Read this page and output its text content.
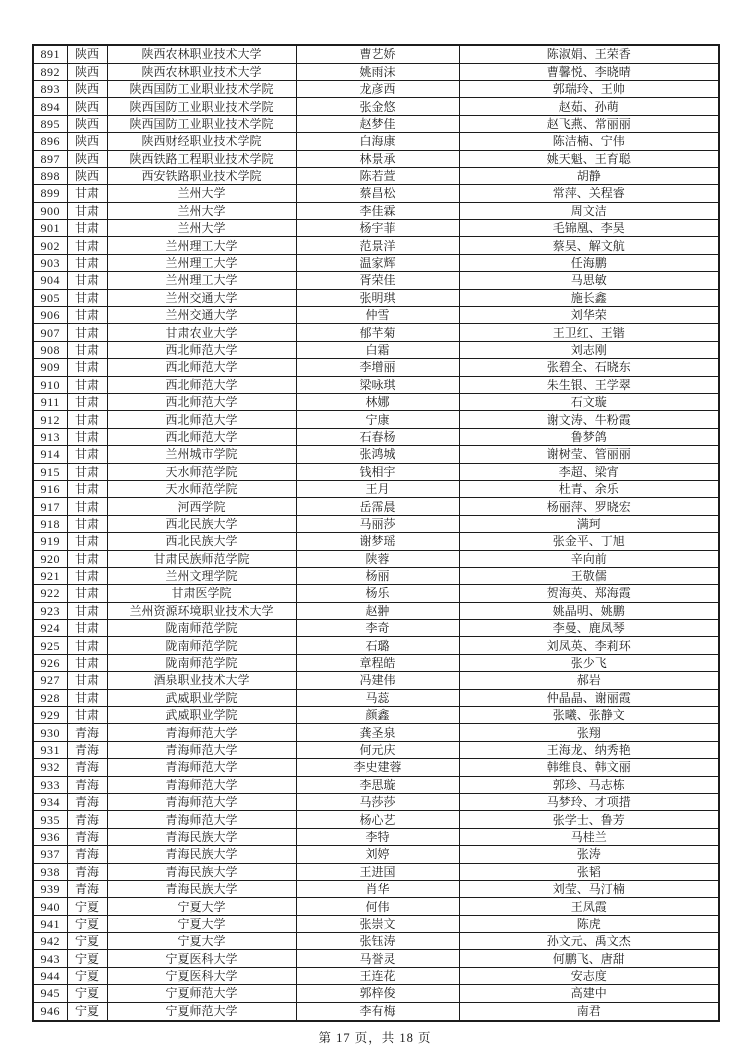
891	陕西	陕西农林职业技术大学	曹艺娇	陈淑娟、王荣香
892	陕西	陕西农林职业技术大学	姚雨沫	曹馨悦、李晓晴
893	陕西	陕西国防工业职业技术学院	龙彦西	郭瑞玲、王帅
894	陕西	陕西国防工业职业技术学院	张金悠	赵茹、孙萌
895	陕西	陕西国防工业职业技术学院	赵梦佳	赵飞燕、常丽丽
896	陕西	陕西财经职业技术学院	白海康	陈洁楠、宁伟
897	陕西	陕西铁路工程职业技术学院	林景承	姚天魁、王育聪
898	陕西	西安铁路职业技术学院	陈若萱	胡静
899	甘肃	兰州大学	蔡昌松	常萍、关程睿
900	甘肃	兰州大学	李佳霖	周文洁
901	甘肃	兰州大学	杨宇菲	毛锦凰、李昊
902	甘肃	兰州理工大学	范景洋	蔡昊、解文航
903	甘肃	兰州理工大学	温家辉	任海鹏
904	甘肃	兰州理工大学	胥荣佳	马思敏
905	甘肃	兰州交通大学	张明琪	施长鑫
906	甘肃	兰州交通大学	仲雪	刘华荣
907	甘肃	甘肃农业大学	郁芊菊	王卫红、王锴
908	甘肃	西北师范大学	白霜	刘志刚
909	甘肃	西北师范大学	李增丽	张碧全、石晓东
910	甘肃	西北师范大学	梁咏琪	朱生银、王学翠
911	甘肃	西北师范大学	林娜	石文璇
912	甘肃	西北师范大学	宁康	谢文涛、牛粉霞
913	甘肃	西北师范大学	石春杨	鲁梦鸽
914	甘肃	兰州城市学院	张鸿城	谢树莹、管丽丽
915	甘肃	天水师范学院	钱相宇	李超、梁宵
916	甘肃	天水师范学院	王月	杜青、余乐
917	甘肃	河西学院	岳霈晨	杨丽萍、罗晓宏
918	甘肃	西北民族大学	马丽莎	满珂
919	甘肃	西北民族大学	谢梦瑶	张金平、丁旭
920	甘肃	甘肃民族师范学院	陕蓉	辛向前
921	甘肃	兰州文理学院	杨丽	王敬儒
922	甘肃	甘肃医学院	杨乐	贺海英、郑海霞
923	甘肃	兰州资源环境职业技术大学	赵翀	姚晶明、姚鹏
924	甘肃	陇南师范学院	李奇	李曼、鹿凤琴
925	甘肃	陇南师范学院	石璐	刘凤英、李莉环
926	甘肃	陇南师范学院	章程皓	张少飞
927	甘肃	酒泉职业技术大学	冯建伟	郝岩
928	甘肃	武威职业学院	马蕊	仲晶晶、谢丽霞
929	甘肃	武威职业学院	颜鑫	张曦、张静文
930	青海	青海师范大学	龚圣泉	张翔
931	青海	青海师范大学	何元庆	王海龙、纳秀艳
932	青海	青海师范大学	李史建蓉	韩维良、韩文丽
933	青海	青海师范大学	李思璇	郭珍、马志栋
934	青海	青海师范大学	马莎莎	马梦玲、才项措
935	青海	青海师范大学	杨心艺	张学士、鲁芳
936	青海	青海民族大学	李特	马桂兰
937	青海	青海民族大学	刘婷	张涛
938	青海	青海民族大学	王进国	张韬
939	青海	青海民族大学	肖华	刘莹、马汀楠
940	宁夏	宁夏大学	何伟	王凤霞
941	宁夏	宁夏大学	张崇文	陈虎
942	宁夏	宁夏大学	张钰涛	孙文元、禹文杰
943	宁夏	宁夏医科大学	马誉灵	何鹏飞、唐甜
944	宁夏	宁夏医科大学	王连花	安志度
945	宁夏	宁夏师范大学	郭梓俊	高建中
946	宁夏	宁夏师范大学	李有梅	南君
第 17 页，共 18 页
